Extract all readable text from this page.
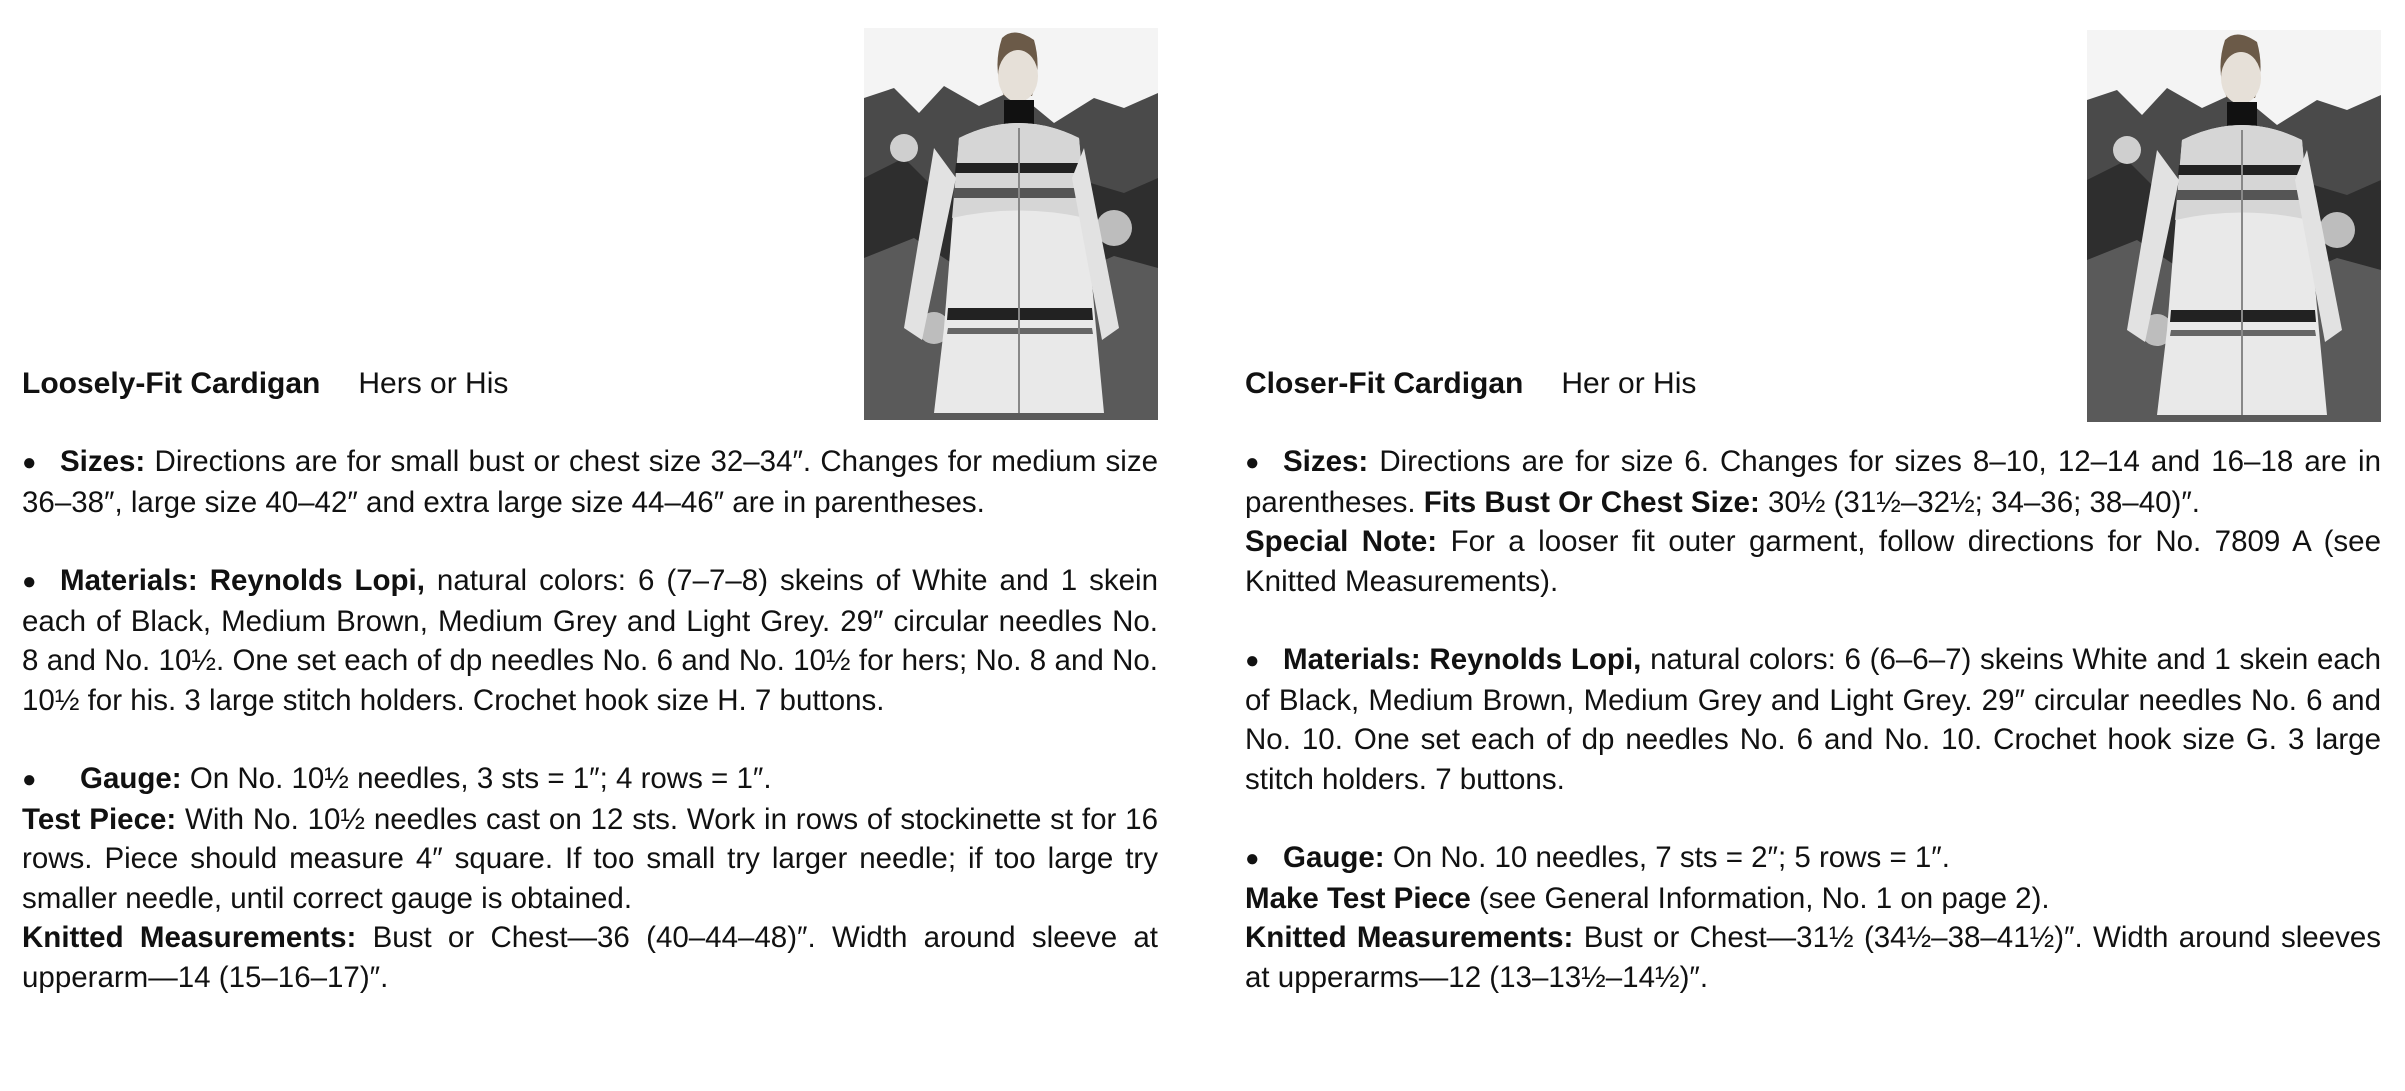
Loosely-Fit Cardigan Hers or His

● Sizes: Directions are for small bust or chest size 32–34″. Changes for medium size 36–38″, large size 40–42″ and extra large size 44–46″ are in parentheses.

● Materials: Reynolds Lopi, natural colors: 6 (7–7–8) skeins of White and 1 skein each of Black, Medium Brown, Medium Grey and Light Grey. 29″ circular needles No. 8 and No. 10½. One set each of dp needles No. 6 and No. 10½ for hers; No. 8 and No. 10½ for his. 3 large stitch holders. Crochet hook size H. 7 buttons.

● Gauge: On No. 10½ needles, 3 sts = 1″; 4 rows = 1″.

Test Piece: With No. 10½ needles cast on 12 sts. Work in rows of stockinette st for 16 rows. Piece should measure 4″ square. If too small try larger needle; if too large try smaller needle, until correct gauge is obtained.

Knitted Measurements: Bust or Chest—36 (40–44–48)″. Width around sleeve at upperarm—14 (15–16–17)″.

Closer-Fit Cardigan Her or His

● Sizes: Directions are for size 6. Changes for sizes 8–10, 12–14 and 16–18 are in parentheses. Fits Bust Or Chest Size: 30½ (31½–32½; 34–36; 38–40)″.

Special Note: For a looser fit outer garment, follow directions for No. 7809 A (see Knitted Measurements).

● Materials: Reynolds Lopi, natural colors: 6 (6–6–7) skeins White and 1 skein each of Black, Medium Brown, Medium Grey and Light Grey. 29″ circular needles No. 6 and No. 10. One set each of dp needles No. 6 and No. 10. Crochet hook size G. 3 large stitch holders. 7 buttons.

● Gauge: On No. 10 needles, 7 sts = 2″; 5 rows = 1″.

Make Test Piece (see General Information, No. 1 on page 2).

Knitted Measurements: Bust or Chest—31½ (34½–38–41½)″. Width around sleeves at upperarms—12 (13–13½–14½)″.
